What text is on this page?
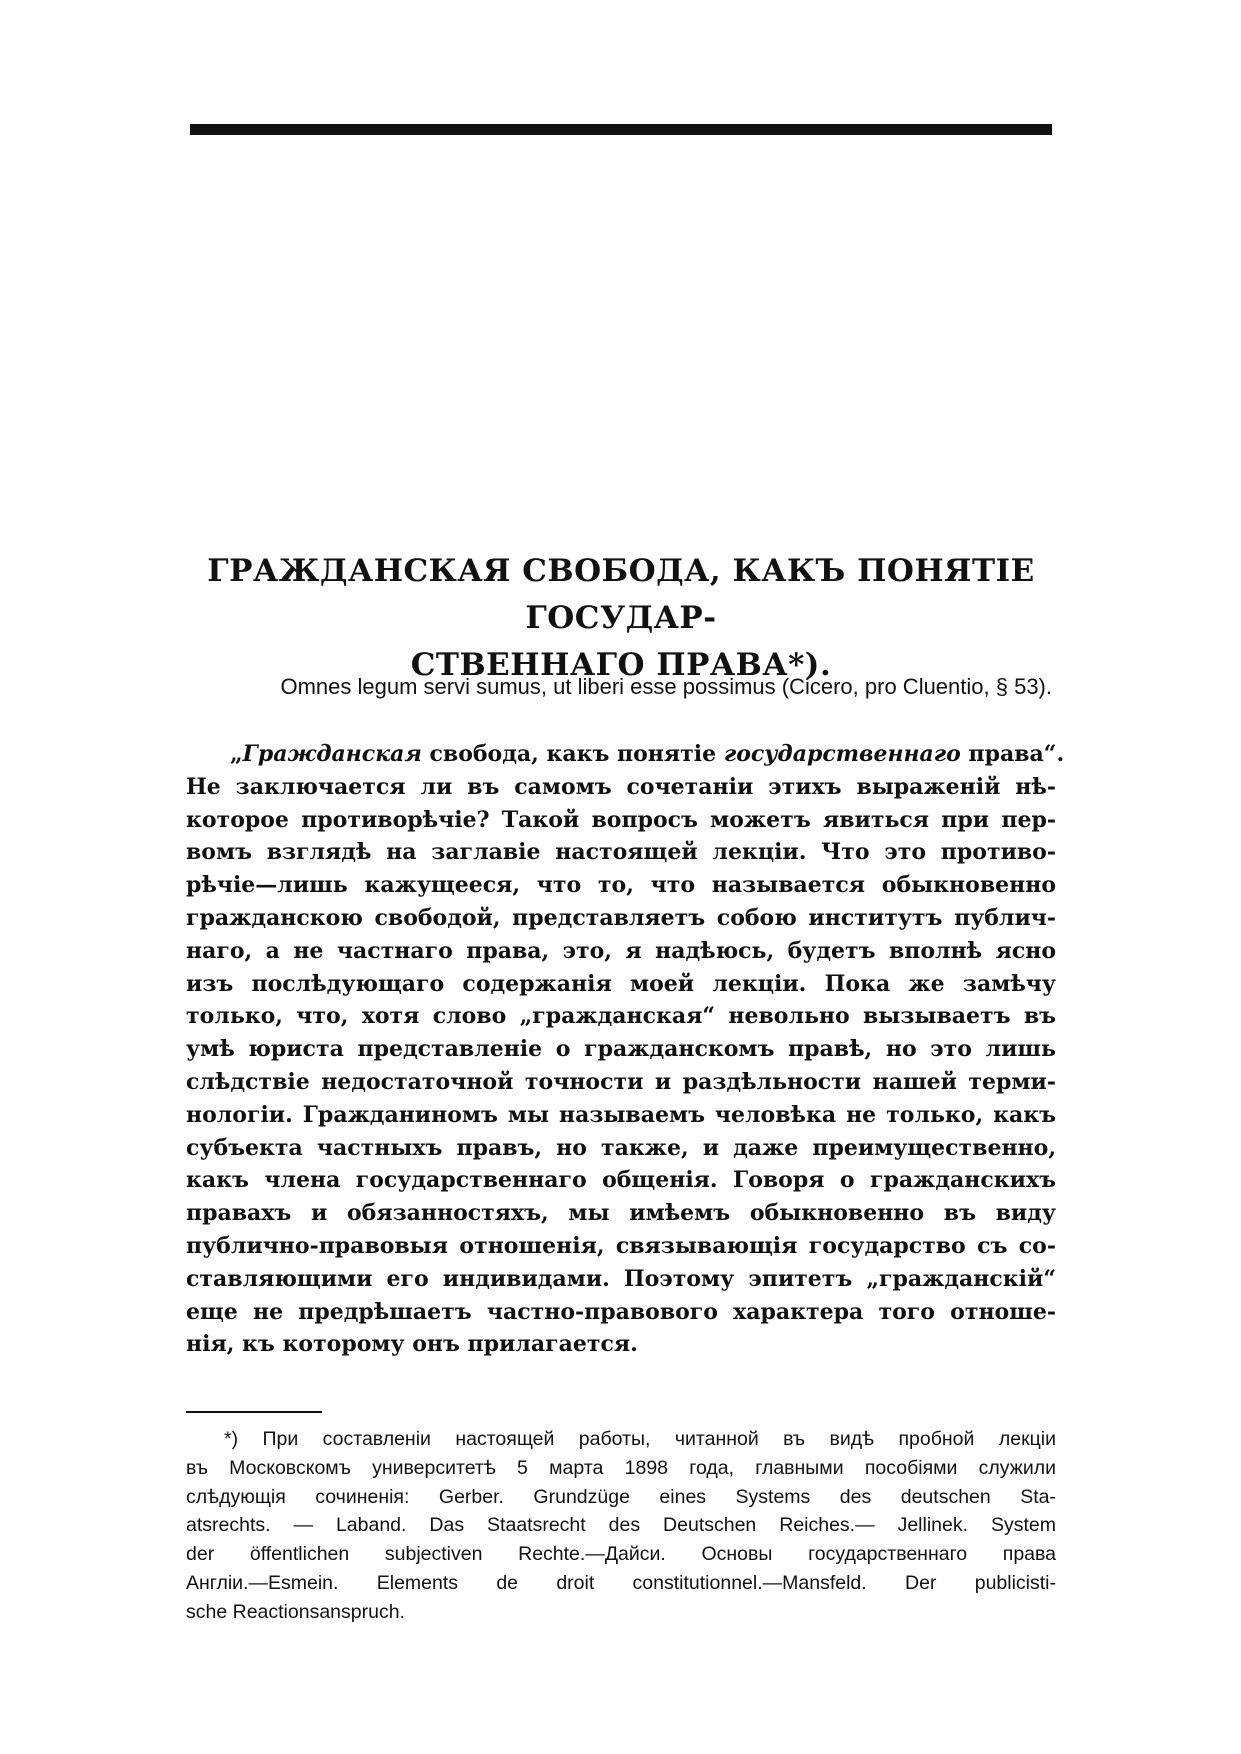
ГРАЖДАНСКАЯ СВОБОДА, КАКЪ ПОНЯТІЕ ГОСУДАР-
СТВЕННАГО ПРАВА*).

Omnes legum servi sumus, ut liberi esse possimus (Cicero, pro Cluentio, § 53).

„Гражданская свобода, какъ понятіе государственнаго права“.
Не заключается ли въ самомъ сочетаніи этихъ выраженій нѣ-
которое противорѣчіе? Такой вопросъ можетъ явиться при пер-
вомъ взглядѣ на заглавіе настоящей лекціи. Что это противо-
рѣчіе—лишь кажущееся, что то, что называется обыкновенно
гражданскою свободой, представляетъ собою институтъ публич-
наго, а не частнаго права, это, я надѣюсь, будетъ вполнѣ ясно
изъ послѣдующаго содержанія моей лекціи. Пока же замѣчу
только, что, хотя слово „гражданская“ невольно вызываетъ въ
умѣ юриста представленіе о гражданскомъ правѣ, но это лишь
слѣдствіе недостаточной точности и раздѣльности нашей терми-
нологіи. Гражданиномъ мы называемъ человѣка не только, какъ
субъекта частныхъ правъ, но также, и даже преимущественно,
какъ члена государственнаго общенія. Говоря о гражданскихъ
правахъ и обязанностяхъ, мы имѣемъ обыкновенно въ виду
публично-правовыя отношенія, связывающія государство съ со-
ставляющими его индивидами. Поэтому эпитетъ „гражданскій“
еще не предрѣшаетъ частно-правового характера того отноше-
нія, къ которому онъ прилагается.
*) При составленіи настоящей работы, читанной въ видѣ пробной лекціи
въ Московскомъ университетѣ 5 марта 1898 года, главными пособіями служили
слѣдующія сочиненія: Gerber. Grundzüge eines Systems des deutschen Sta-
atsrechts. — Laband. Das Staatsrecht des Deutschen Reiches.— Jellinek. System
der öffentlichen subjectiven Rechte.—Дайси. Основы государственнаго права
Англіи.—Esmein. Elements de droit constitutionnel.—Mansfeld. Der publicisti-
sche Reactionsanspruch.
